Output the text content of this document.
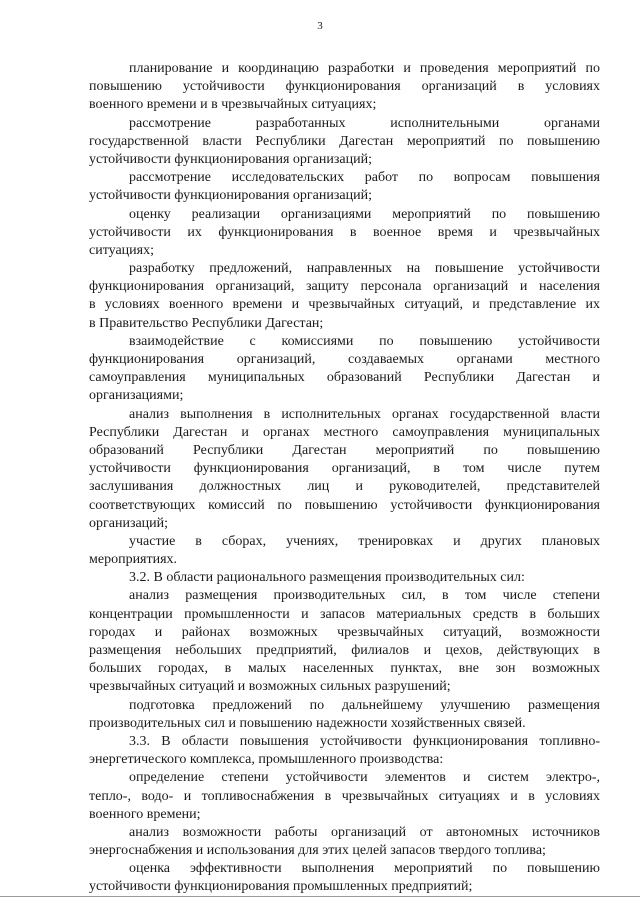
3
планирование и координацию разработки и проведения мероприятий по
повышению устойчивости функционирования организаций в условиях
военного времени и в чрезвычайных ситуациях;
рассмотрение разработанных исполнительными органами
государственной власти Республики Дагестан мероприятий по повышению
устойчивости функционирования организаций;
рассмотрение исследовательских работ по вопросам повышения
устойчивости функционирования организаций;
оценку реализации организациями мероприятий по повышению
устойчивости их функционирования в военное время и чрезвычайных
ситуациях;
разработку предложений, направленных на повышение устойчивости
функционирования организаций, защиту персонала организаций и населения
в условиях военного времени и чрезвычайных ситуаций, и представление их
в Правительство Республики Дагестан;
взаимодействие с комиссиями по повышению устойчивости
функционирования организаций, создаваемых органами местного
самоуправления муниципальных образований Республики Дагестан и
организациями;
анализ выполнения в исполнительных органах государственной власти
Республики Дагестан и органах местного самоуправления муниципальных
образований Республики Дагестан мероприятий по повышению
устойчивости функционирования организаций, в том числе путем
заслушивания должностных лиц и руководителей, представителей
соответствующих комиссий по повышению устойчивости функционирования
организаций;
участие в сборах, учениях, тренировках и других плановых
мероприятиях.
3.2. В области рационального размещения производительных сил:
анализ размещения производительных сил, в том числе степени
концентрации промышленности и запасов материальных средств в больших
городах и районах возможных чрезвычайных ситуаций, возможности
размещения небольших предприятий, филиалов и цехов, действующих в
больших городах, в малых населенных пунктах, вне зон возможных
чрезвычайных ситуаций и возможных сильных разрушений;
подготовка предложений по дальнейшему улучшению размещения
производительных сил и повышению надежности хозяйственных связей.
3.3. В области повышения устойчивости функционирования топливно-
энергетического комплекса, промышленного производства:
определение степени устойчивости элементов и систем электро-,
тепло-, водо- и топливоснабжения в чрезвычайных ситуациях и в условиях
военного времени;
анализ возможности работы организаций от автономных источников
энергоснабжения и использования для этих целей запасов твердого топлива;
оценка эффективности выполнения мероприятий по повышению
устойчивости функционирования промышленных предприятий;
